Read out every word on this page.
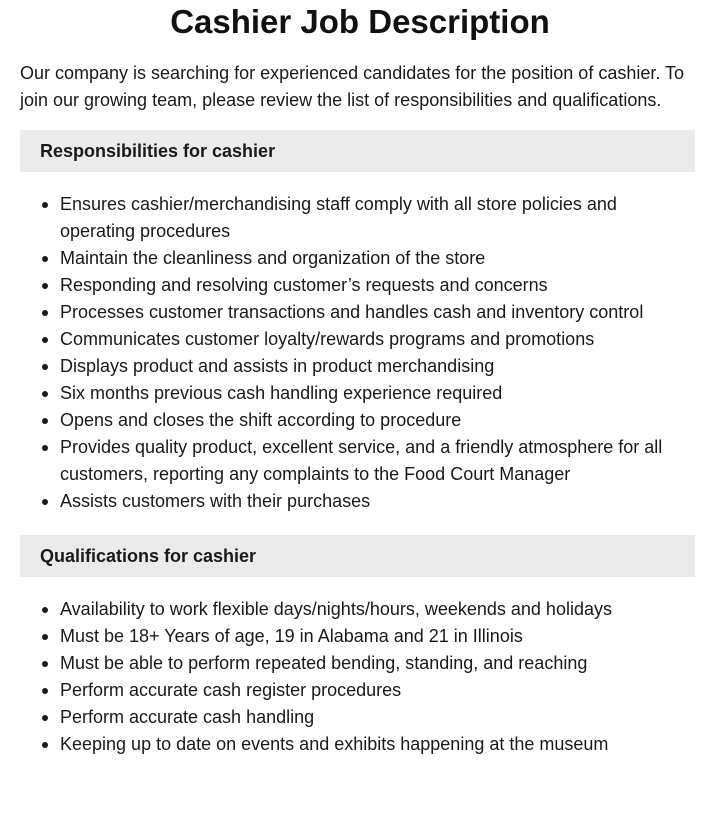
Cashier Job Description

Our company is searching for experienced candidates for the position of cashier. To join our growing team, please review the list of responsibilities and qualifications.

Responsibilities for cashier
Ensures cashier/merchandising staff comply with all store policies and operating procedures
Maintain the cleanliness and organization of the store
Responding and resolving customer’s requests and concerns
Processes customer transactions and handles cash and inventory control
Communicates customer loyalty/rewards programs and promotions
Displays product and assists in product merchandising
Six months previous cash handling experience required
Opens and closes the shift according to procedure
Provides quality product, excellent service, and a friendly atmosphere for all customers, reporting any complaints to the Food Court Manager
Assists customers with their purchases
Qualifications for cashier
Availability to work flexible days/nights/hours, weekends and holidays
Must be 18+ Years of age, 19 in Alabama and 21 in Illinois
Must be able to perform repeated bending, standing, and reaching
Perform accurate cash register procedures
Perform accurate cash handling
Keeping up to date on events and exhibits happening at the museum
